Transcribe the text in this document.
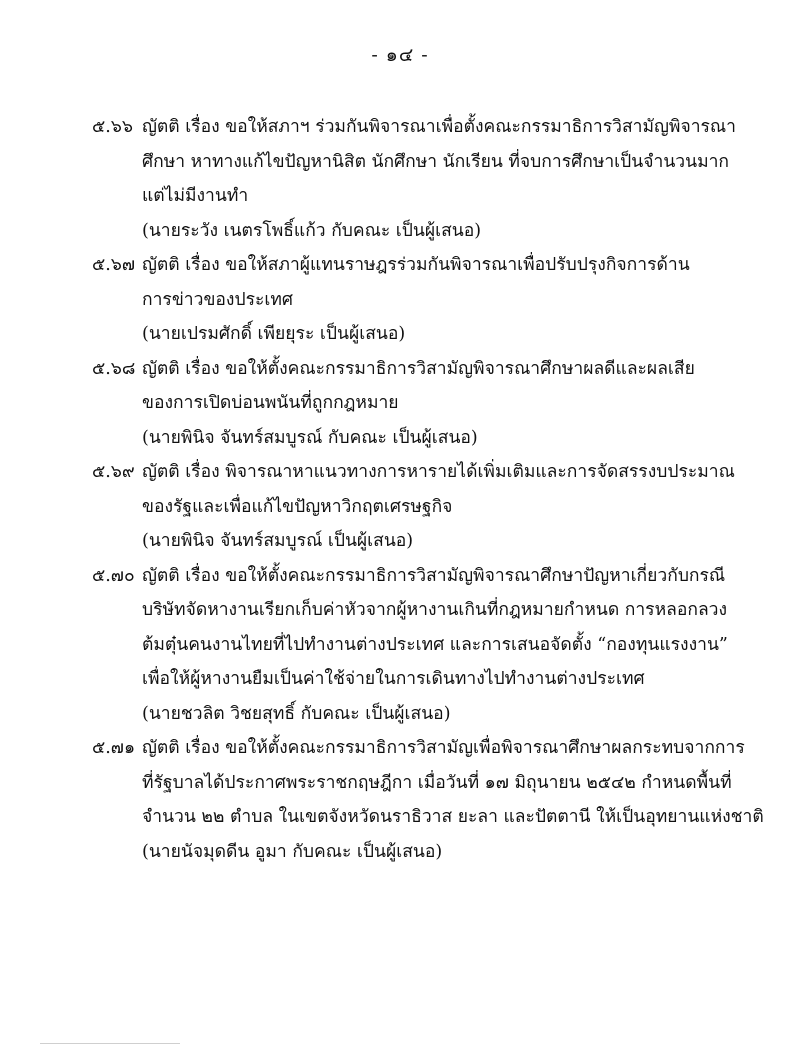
- ๑๔ -
๕.๖๖ ญัตติ เรื่อง ขอให้สภาฯ ร่วมกันพิจารณาเพื่อตั้งคณะกรรมาธิการวิสามัญพิจารณา
ศึกษา หาทางแก้ไขปัญหานิสิต นักศึกษา นักเรียน ที่จบการศึกษาเป็นจำนวนมาก
แต่ไม่มีงานทำ
(นายระวัง เนตรโพธิ์แก้ว กับคณะ เป็นผู้เสนอ)
๕.๖๗ ญัตติ เรื่อง ขอให้สภาผู้แทนราษฎรร่วมกันพิจารณาเพื่อปรับปรุงกิจการด้าน
การข่าวของประเทศ
(นายเปรมศักดิ์ เพียยุระ เป็นผู้เสนอ)
๕.๖๘ ญัตติ เรื่อง ขอให้ตั้งคณะกรรมาธิการวิสามัญพิจารณาศึกษาผลดีและผลเสีย
ของการเปิดบ่อนพนันที่ถูกกฎหมาย
(นายพินิจ จันทร์สมบูรณ์ กับคณะ เป็นผู้เสนอ)
๕.๖๙ ญัตติ เรื่อง พิจารณาหาแนวทางการหารายได้เพิ่มเติมและการจัดสรรงบประมาณ
ของรัฐและเพื่อแก้ไขปัญหาวิกฤตเศรษฐกิจ
(นายพินิจ จันทร์สมบูรณ์ เป็นผู้เสนอ)
๕.๗๐ ญัตติ เรื่อง ขอให้ตั้งคณะกรรมาธิการวิสามัญพิจารณาศึกษาปัญหาเกี่ยวกับกรณี
บริษัทจัดหางานเรียกเก็บค่าหัวจากผู้หางานเกินที่กฎหมายกำหนด การหลอกลวง
ต้มตุ๋นคนงานไทยที่ไปทำงานต่างประเทศ และการเสนอจัดตั้ง “กองทุนแรงงาน”
เพื่อให้ผู้หางานยืมเป็นค่าใช้จ่ายในการเดินทางไปทำงานต่างประเทศ
(นายชวลิต วิชยสุทธิ์ กับคณะ เป็นผู้เสนอ)
๕.๗๑ ญัตติ เรื่อง ขอให้ตั้งคณะกรรมาธิการวิสามัญเพื่อพิจารณาศึกษาผลกระทบจากการ
ที่รัฐบาลได้ประกาศพระราชกฤษฎีกา เมื่อวันที่ ๑๗ มิถุนายน ๒๕๔๒ กำหนดพื้นที่
จำนวน ๒๒ ตำบล ในเขตจังหวัดนราธิวาส ยะลา และปัตตานี ให้เป็นอุทยานแห่งชาติ
(นายนัจมุดดีน อูมา กับคณะ เป็นผู้เสนอ)
